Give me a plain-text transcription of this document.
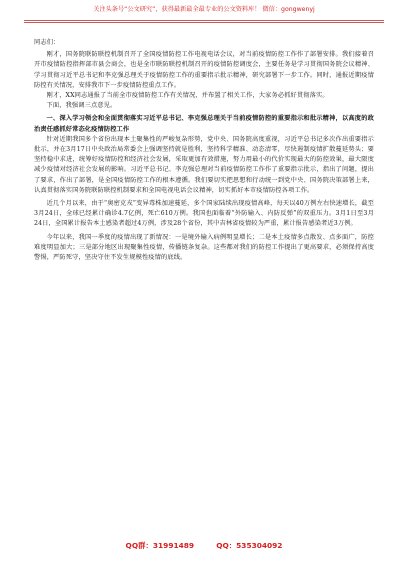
关注头条号“公文研究”，获得最新最全最专业的公文资料库！ 微信：gongwenyj

同志们：

刚才，国务院联防联控机制召开了全国疫情防控工作电视电话会议，对当前疫情防控工作作了部署安排。我们接着召开市疫情防控指挥部市县会商会，也是全市联防联控机制召开的疫情防控调度会，主要任务是学习贯彻国务院会议精神、学习贯彻习近平总书记和李克强总理关于疫情防控工作的重要指示批示精神，研究部署下一步工作。同时，通报近期疫情防控有关情况，安排我市下一步疫情防控重点工作。

刚才，XX同志通报了当前全市疫情防控工作有关情况，并布置了相关工作，大家务必抓好贯彻落实。

下面，我强调三点意见。

一、深入学习领会和全面贯彻落实习近平总书记、李克强总理关于当前疫情防控的重要指示和批示精神，以高度的政治责任感抓好常态化疫情防控工作

针对近期我国多个省份出现本土聚集性的严峻复杂形势，党中央、国务院高度重视，习近平总书记多次作出重要指示批示，并在3月17日中央政治局常委会上强调坚持就是胜利，坚持科学精准、动态清零，尽快遏制疫情扩散蔓延势头；要坚持稳中求进，统筹好疫情防控和经济社会发展，采取更加有效措施，努力用最小的代价实现最大的防控效果，最大限度减少疫情对经济社会发展的影响。习近平总书记、李克强总理对当前疫情防控工作作了重要指示批示，指出了问题，提出了要求，作出了部署，是全国疫情防控工作的根本遵循。我们要切实把思想和行动统一到党中央、国务院决策部署上来，认真贯彻落实国务院联防联控机制要求和全国电视电话会议精神，切实抓好本市疫情防控各项工作。

近几个月以来，由于“奥密克戎”变异毒株加速蔓延，多个国家陆续出现疫情高峰，每天以40万例左右快速增长，截至3月24日，全球已经累计确诊4.7亿例，死亡610万例。我国也面临着“外防输入、内防反弹”的双重压力。3月1日至3月24日，全国累计报告本土感染者超过4万例，涉及28个省份，其中吉林省疫情较为严重，累计报告感染者近3万例。

今年以来，我国一季度的疫情出现了新情况：一是境外输入病例明显增长；二是本土疫情多点散发、点多面广，防控难度明显加大；三是部分地区出现聚集性疫情，传播链条复杂。这些都对我们的防控工作提出了更高要求，必须保持高度警惕，严防死守，坚决守住不发生规模性疫情的底线。

QQ群：31991489　　　QQ：535304092
